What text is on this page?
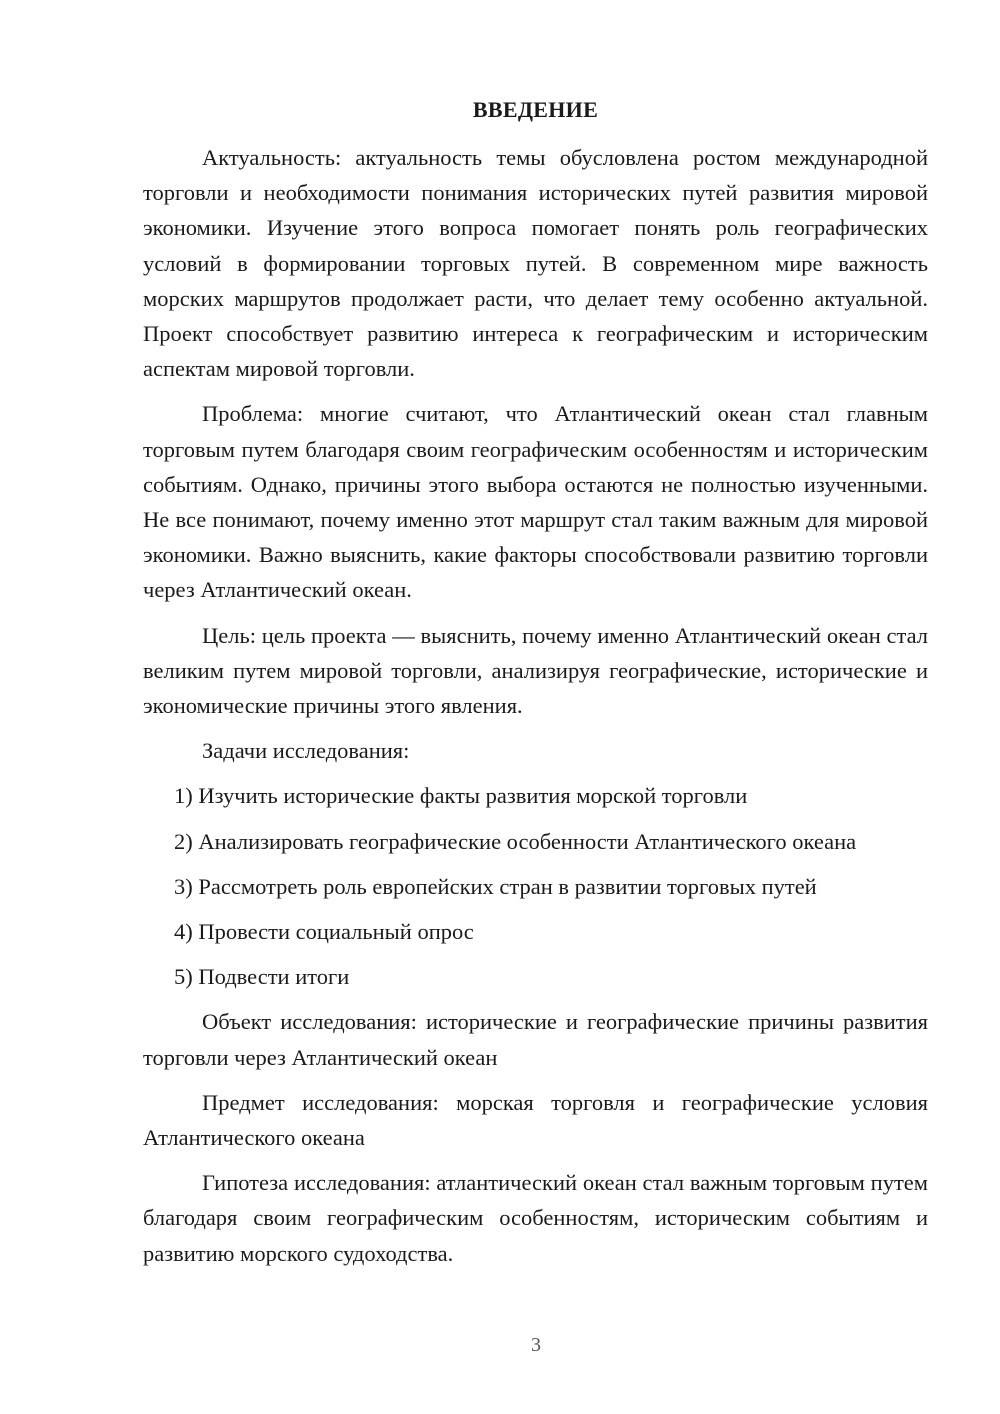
ВВЕДЕНИЕ

Актуальность: актуальность темы обусловлена ростом международной торговли и необходимости понимания исторических путей развития мировой экономики. Изучение этого вопроса помогает понять роль географических условий в формировании торговых путей. В современном мире важность морских маршрутов продолжает расти, что делает тему особенно актуальной. Проект способствует развитию интереса к географическим и историческим аспектам мировой торговли.

Проблема: многие считают, что Атлантический океан стал главным торговым путем благодаря своим географическим особенностям и историческим событиям. Однако, причины этого выбора остаются не полностью изученными. Не все понимают, почему именно этот маршрут стал таким важным для мировой экономики. Важно выяснить, какие факторы способствовали развитию торговли через Атлантический океан.

Цель: цель проекта — выяснить, почему именно Атлантический океан стал великим путем мировой торговли, анализируя географические, исторические и экономические причины этого явления.

Задачи исследования:

1) Изучить исторические факты развития морской торговли

2) Анализировать географические особенности Атлантического океана

3) Рассмотреть роль европейских стран в развитии торговых путей

4) Провести социальный опрос

5) Подвести итоги

Объект исследования: исторические и географические причины развития торговли через Атлантический океан

Предмет исследования: морская торговля и географические условия Атлантического океана

Гипотеза исследования: атлантический океан стал важным торговым путем благодаря своим географическим особенностям, историческим событиям и развитию морского судоходства.

3
